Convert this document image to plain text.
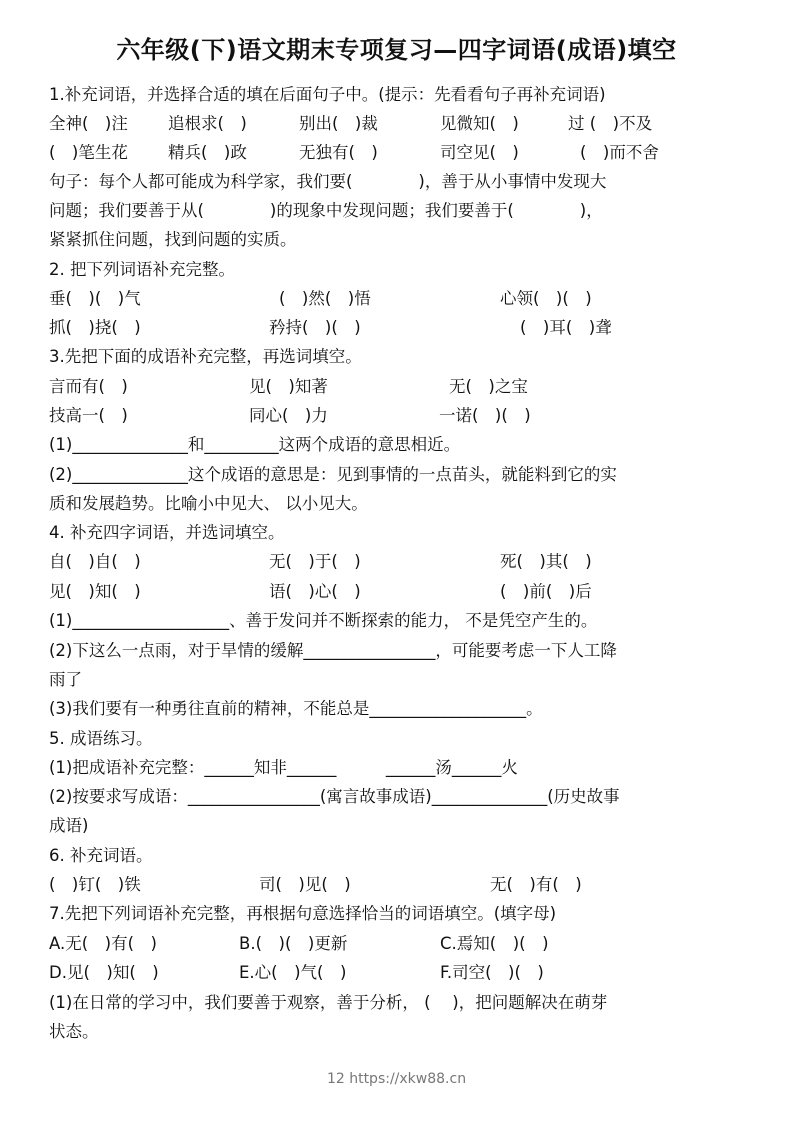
六年级(下)语文期末专项复习—四字词语(成语)填空
1.补充词语，并选择合适的填在后面句子中。(提示：先看看句子再补充词语)
全神(　)注 追根求(　)	别出(　)裁	见微知(　)	过 (　)不及
(　)笔生花 精兵(　)政	无独有(　)	司空见(　)	(　)而不舍
句子：每个人都可能成为科学家，我们要(　　　　)，善于从小事情中发现大
问题；我们要善于从(　　　　)的现象中发现问题；我们要善于(　　　　)，
紧紧抓住问题，找到问题的实质。
2. 把下列词语补充完整。
垂(　)(　)气	(　)然(　)悟	心领(　)(　)
抓(　)挠(　)	矜持(　)(　)	(　)耳(　)聋
3.先把下面的成语补充完整，再选词填空。
言而有(　)	见(　)知著	无(　)之宝
技高一(　)	同心(　)力	一诺(　)(　)
(1)______________和_________这两个成语的意思相近。
(2)______________这个成语的意思是：见到事情的一点苗头，就能料到它的实
质和发展趋势。比喻小中见大、 以小见大。
4. 补充四字词语，并选词填空。
自(　)自(　)	无(　)于(　)	死(　)其(　)
见(　)知(　)	语(　)心(　)	(　)前(　)后
(1)___________________、善于发问并不断探索的能力， 不是凭空产生的。
(2)下这么一点雨，对于旱情的缓解________________，可能要考虑一下人工降
雨了
(3)我们要有一种勇往直前的精神，不能总是___________________。
5. 成语练习。
(1)把成语补充完整：______知非______　　　______汤______火
(2)按要求写成语：________________(寓言故事成语)______________(历史故事
成语)
6. 补充词语。
(　)钉(　)铁	司(　)见(　)	无(　)有(　)
7.先把下列词语补充完整，再根据句意选择恰当的词语填空。(填字母)
A.无(　)有(　)	B.(　)(　)更新	C.焉知(　)(　)
D.见(　)知(　)	E.心(　)气(　)	F.司空(　)(　)
(1)在日常的学习中，我们要善于观察，善于分析， (　 )，把问题解决在萌芽
状态。
12 https://xkw88.cn
